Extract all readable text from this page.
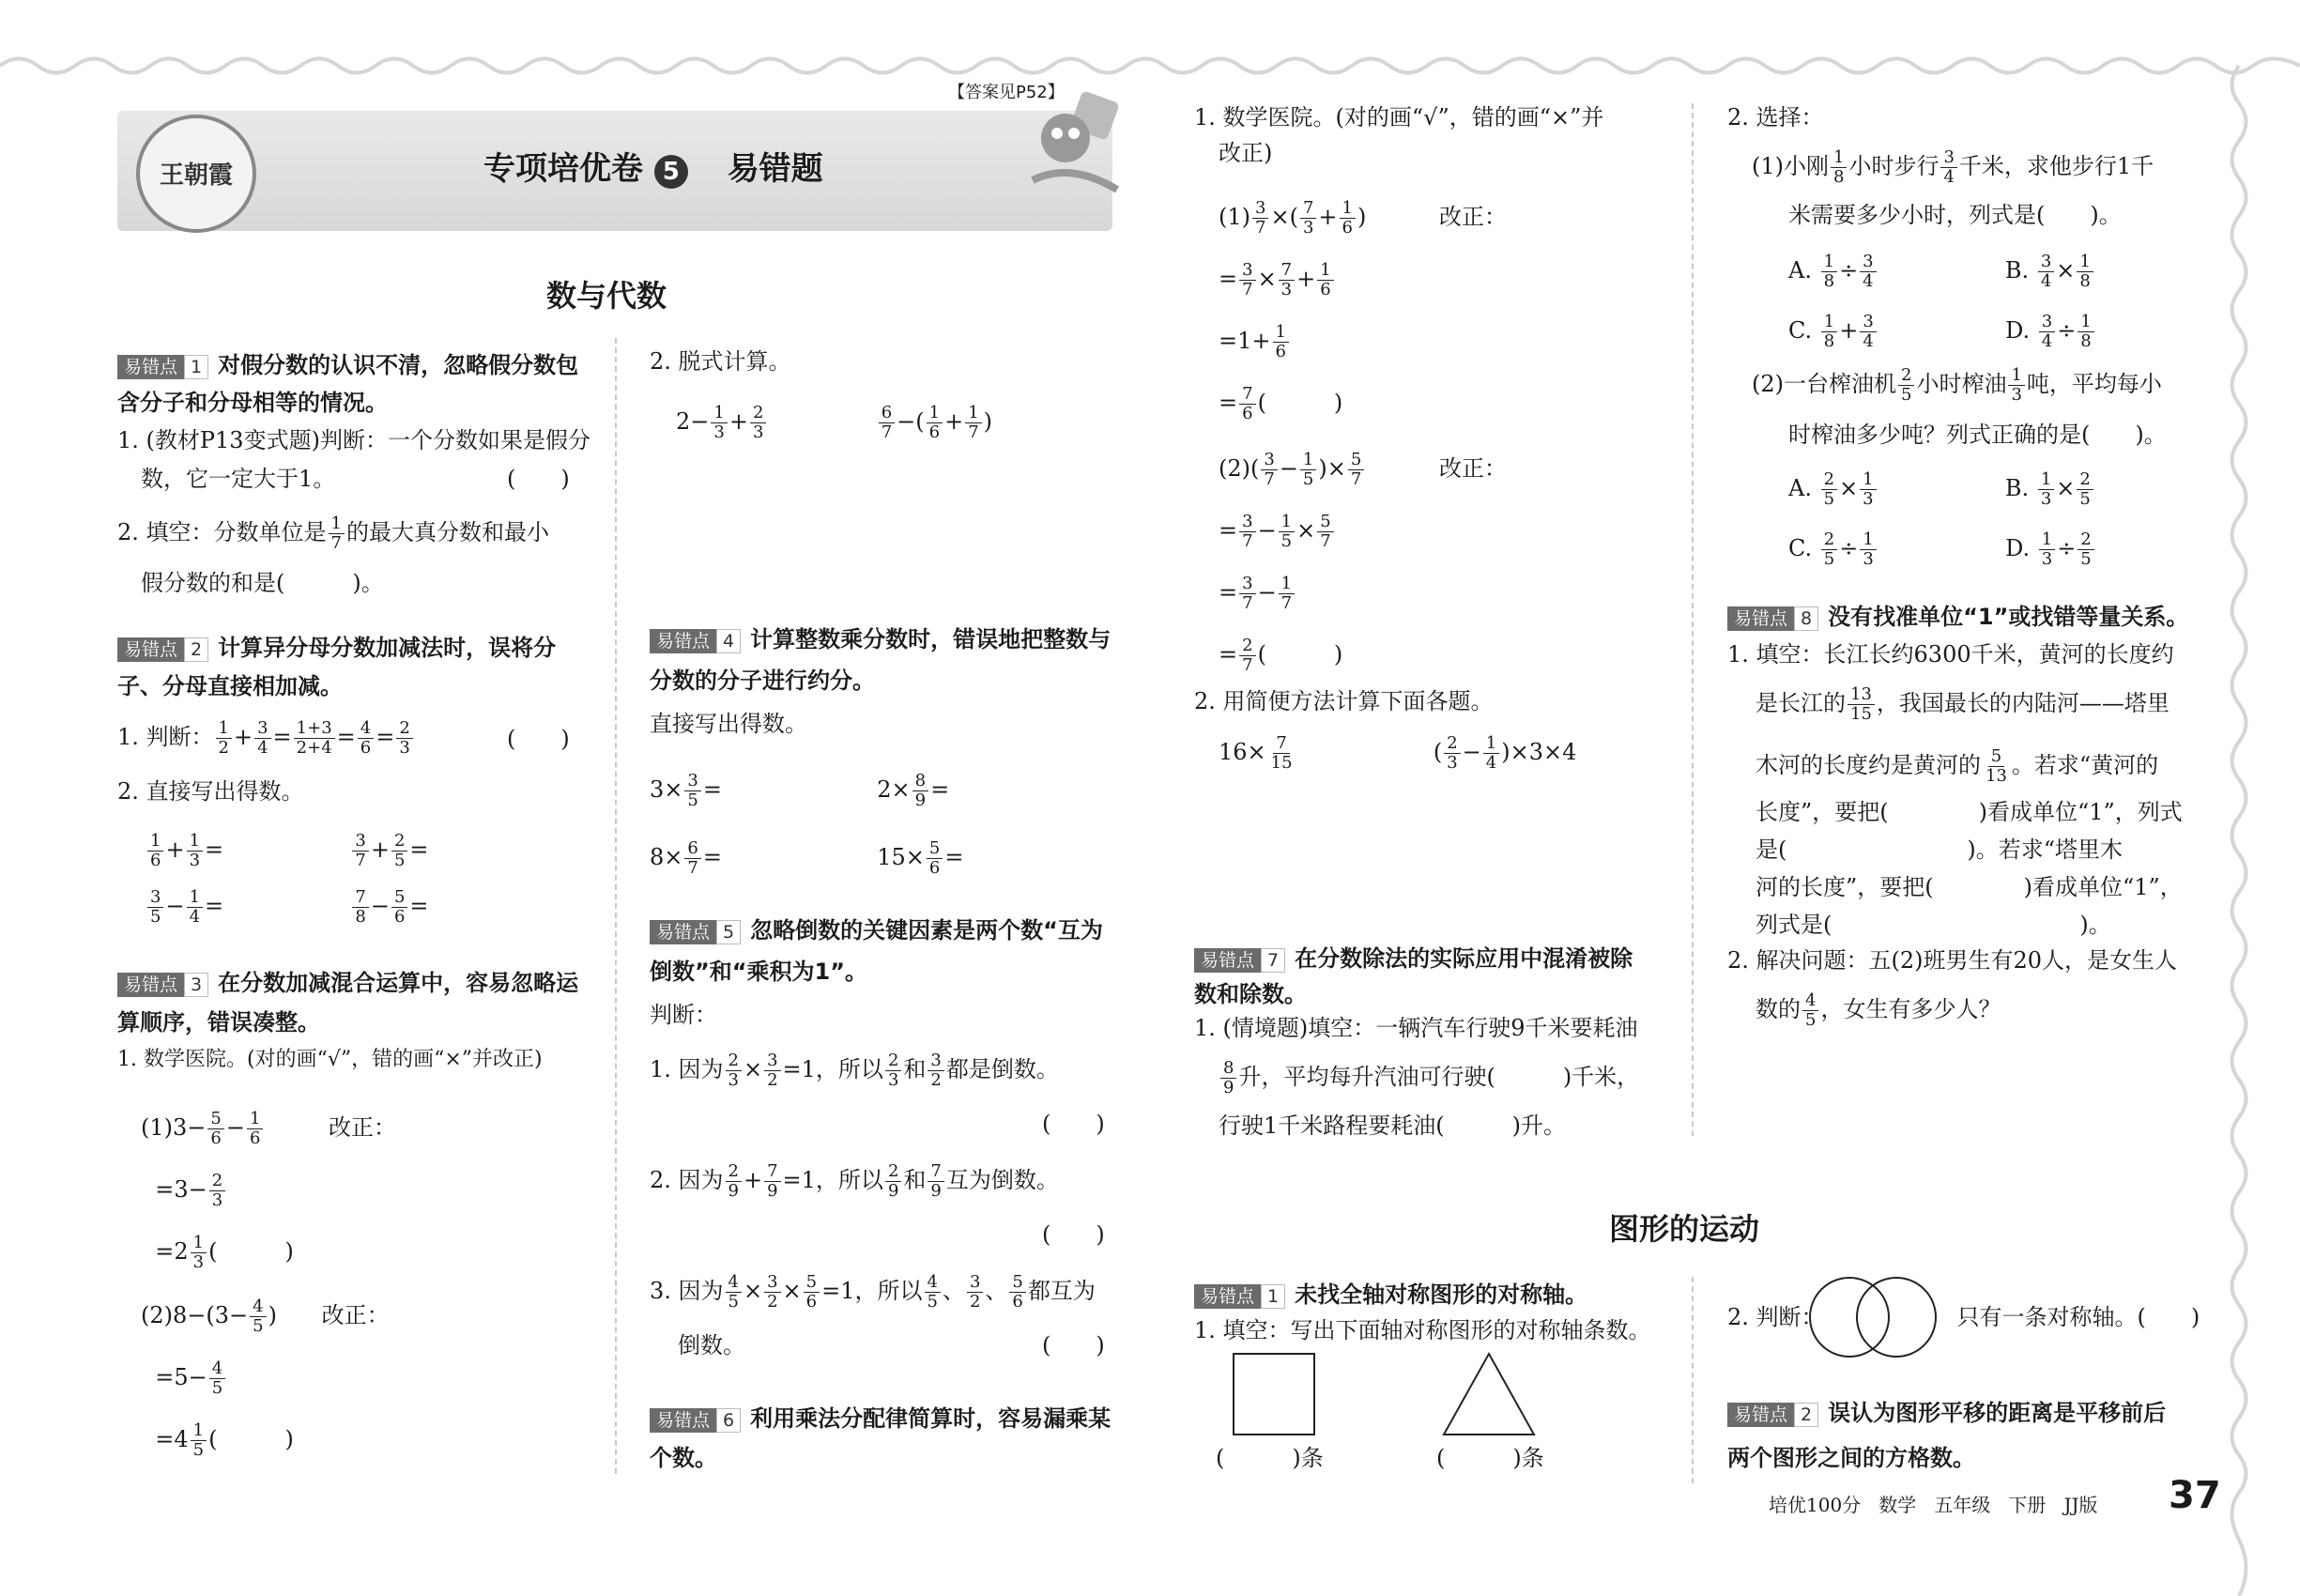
王朝霞
【答案见P52】
专项培优卷 5 易错题
数与代数
图形的运动
易错点 1 对假分数的认识不清，忽略假分数包
含分子和分母相等的情况。
1. (教材P13变式题)判断：一个分数如果是假分
数，它一定大于1。	(　　)
2. 填空：分数单位是 $\frac{1}{7}$ 的最大真分数和最小
假分数的和是(　　　)。
易错点 2 计算异分母分数加减法时，误将分
子、分母直接相加减。
1. 判断： $\frac{1}{2} + \frac{3}{4} = \frac{1+3}{2+4} = \frac{4}{6} = \frac{2}{3}$	(　　)
2. 直接写出得数。
$\frac{1}{6} + \frac{1}{3}$ =	$\frac{3}{7} + \frac{2}{5}$ =

$\frac{3}{5} - \frac{1}{4}$ =	$\frac{7}{8} - \frac{5}{6}$ =
易错点 3 在分数加减混合运算中，容易忽略运
算顺序，错误凑整。
1. 数学医院。(对的画“√”，错的画“×”并改正)
$(1)3- \frac{5}{6} - \frac{1}{6}$	改正：
$=3- \frac{2}{3}$

$=2 \frac{1}{3}$ (　　　)
$(2)8-(3- \frac{4}{5}$ ) 改正：
$=5- \frac{4}{5}$

$=4 \frac{1}{5}$ (　　　)
2. 脱式计算。
$2- \frac{1}{3} + \frac{2}{3}$
	$\frac{6}{7}$ −( $\frac{1}{6} + \frac{1}{7}$ )
易错点 4 计算整数乘分数时，错误地把整数与
分数的分子进行约分。
直接写出得数。
$3\times \frac{3}{5}$ =	$2\times \frac{8}{9}$ =
$8\times \frac{6}{7}$ =	$15\times \frac{5}{6}$ =
易错点 5 忽略倒数的关键因素是两个数“互为
倒数”和“乘积为1”。
判断：
1. 因为 $\frac{2}{3} \times \frac{3}{2} =1$，所以 $\frac{2}{3}$ 和 $\frac{3}{2}$ 都是倒数。
(　　)
2. 因为 $\frac{2}{9} + \frac{7}{9} =1$，所以 $\frac{2}{9}$ 和 $\frac{7}{9}$ 互为倒数。
(　　)
3. 因为 $\frac{4}{5} \times \frac{3}{2} \times \frac{5}{6} =1$，所以 $\frac{4}{5}$ 、 $\frac{3}{2}$ 、 $\frac{5}{6}$ 都互为
倒数。	(　　)
易错点 6 利用乘法分配律简算时，容易漏乘某
个数。
1. 数学医院。(对的画“√”，错的画“×”并
改正)
$(1) \frac{3}{7}$ ×( $\frac{7}{3} + \frac{1}{6}$ )	改正：
= $\frac{3}{7} \times \frac{7}{3} + \frac{1}{6}$

$=1+ \frac{1}{6}$

= $\frac{7}{6}$ (　　　)
$(2)( \frac{3}{7} - \frac{1}{5}$ )× $\frac{5}{7}$	改正：
= $\frac{3}{7} - \frac{1}{5} \times \frac{5}{7}$

= $\frac{3}{7} - \frac{1}{7}$

= $\frac{2}{7}$ (　　　)
2. 用简便方法计算下面各题。
$16\times \frac{7}{15}$	( $\frac{2}{3} - \frac{1}{4} )\times 3\times 4$
易错点 7 在分数除法的实际应用中混淆被除
数和除数。
1. (情境题)填空：一辆汽车行驶9千米要耗油
$\frac{8}{9}$ 升，平均每升汽油可行驶(　　　)千米，
行驶1千米路程要耗油(　　　)升。
易错点 1 未找全轴对称图形的对称轴。
1. 填空：写出下面轴对称图形的对称轴条数。
(　　　)条	(　　　)条
2. 选择：
(1)小刚 $\frac{1}{8}$ 小时步行 $\frac{3}{4}$ 千米，求他步行1千
米需要多少小时，列式是(　　)。
A. $\frac{1}{8} \div \frac{3}{4}$	B. $\frac{3}{4} \times \frac{1}{8}$

C. $\frac{1}{8} + \frac{3}{4}$	D. $\frac{3}{4} \div \frac{1}{8}$
(2)一台榨油机 $\frac{2}{5}$ 小时榨油 $\frac{1}{3}$ 吨，平均每小
时榨油多少吨？列式正确的是(　　)。
A. $\frac{2}{5} \times \frac{1}{3}$	B. $\frac{1}{3} \times \frac{2}{5}$

C. $\frac{2}{5} \div \frac{1}{3}$	D. $\frac{1}{3} \div \frac{2}{5}$
易错点 8 没有找准单位“1”或找错等量关系。
1. 填空：长江长约6300千米，黄河的长度约
是长江的 $\frac{13}{15}$ ，我国最长的内陆河——塔里
木河的长度约是黄河的 $\frac{5}{13}$ 。若求“黄河的
长度”，要把(　　　　)看成单位“1”，列式
是(　　　　　　　　)。若求“塔里木
河的长度”，要把(　　　　)看成单位“1”，
列式是(　　　　　　　　　　　)。
2. 解决问题：五(2)班男生有20人，是女生人
数的 $\frac{4}{5}$ ，女生有多少人？
2. 判断：	只有一条对称轴。(　　)
易错点 2 误认为图形平移的距离是平移前后
两个图形之间的方格数。
培优100分 数学 五年级 下册 JJ版 37
